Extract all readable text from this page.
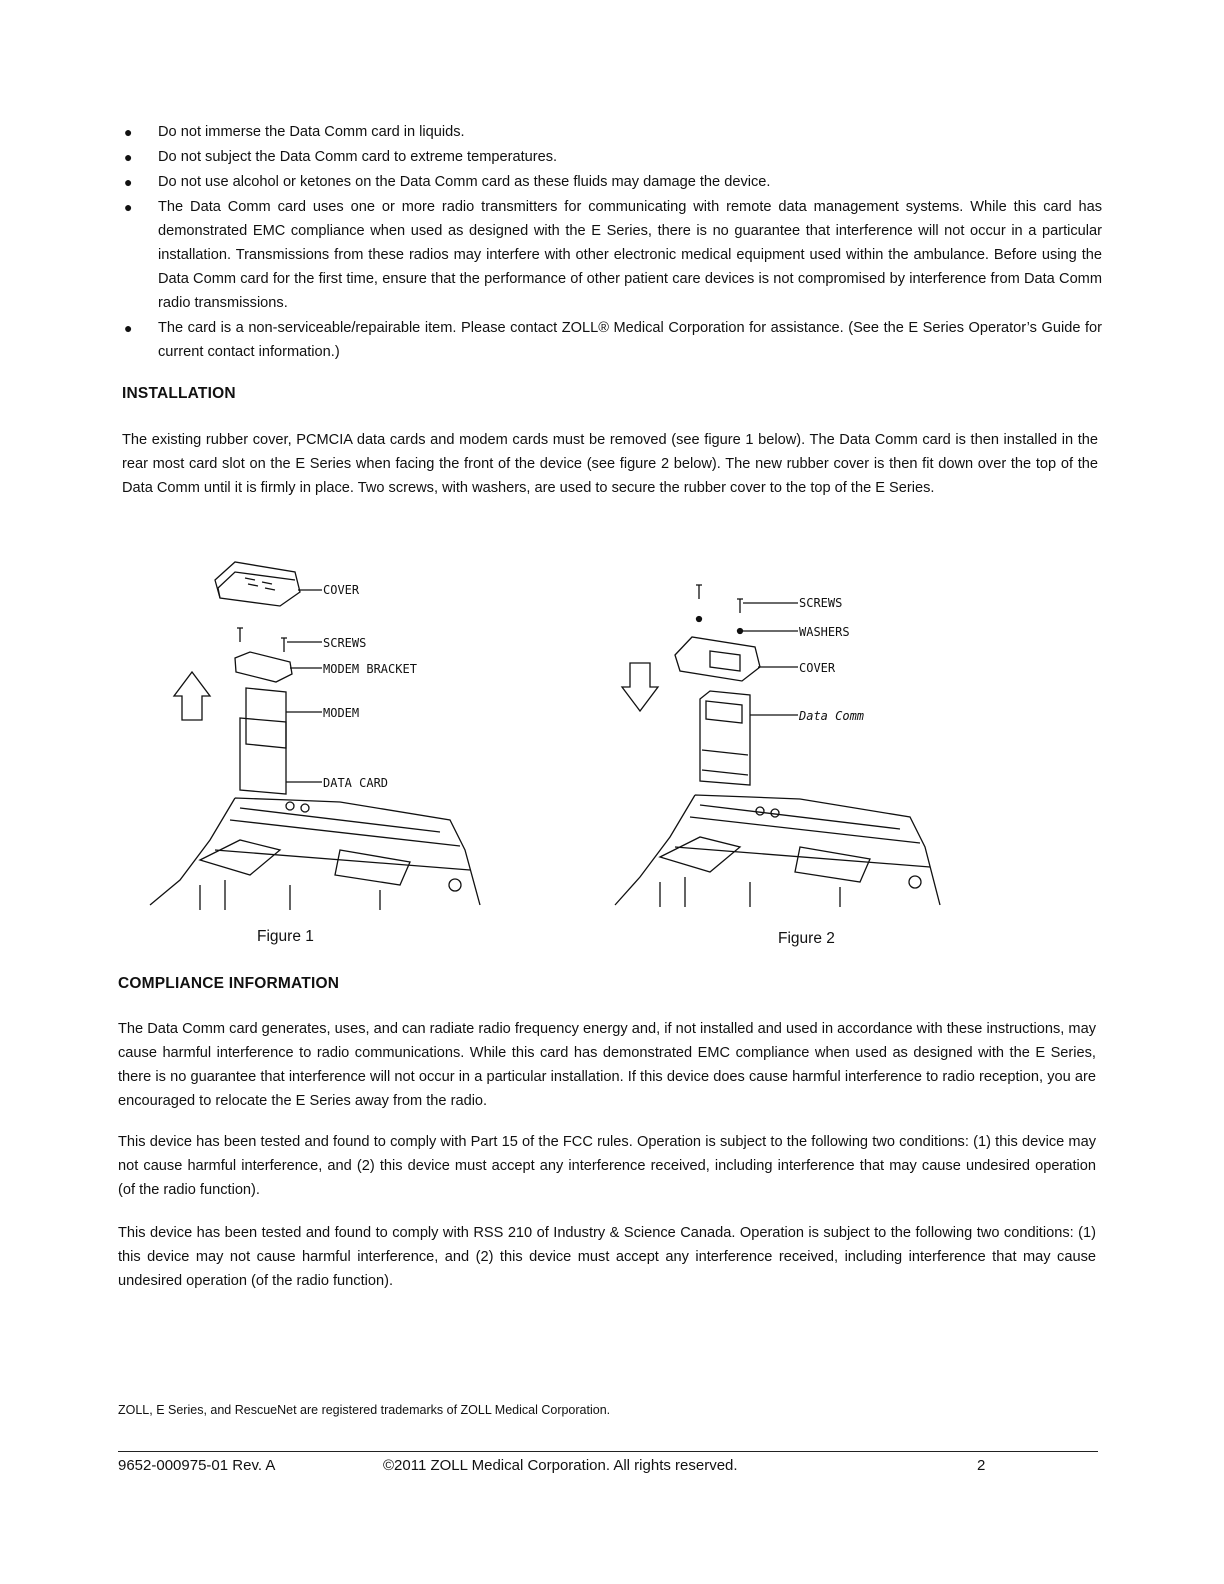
● Do not immerse the Data Comm card in liquids.
● Do not subject the Data Comm card to extreme temperatures.
● Do not use alcohol or ketones on the Data Comm card as these fluids may damage the device.
● The Data Comm card uses one or more radio transmitters for communicating with remote data management systems. While this card has demonstrated EMC compliance when used as designed with the E Series, there is no guarantee that interference will not occur in a particular installation. Transmissions from these radios may interfere with other electronic medical equipment used within the ambulance. Before using the Data Comm card for the first time, ensure that the performance of other patient care devices is not compromised by interference from Data Comm radio transmissions.
● The card is a non-serviceable/repairable item. Please contact ZOLL® Medical Corporation for assistance. (See the E Series Operator’s Guide for current contact information.)
INSTALLATION

The existing rubber cover, PCMCIA data cards and modem cards must be removed (see figure 1 below). The Data Comm card is then installed in the rear most card slot on the E Series when facing the front of the device (see figure 2 below). The new rubber cover is then fit down over the top of the Data Comm until it is firmly in place. Two screws, with washers, are used to secure the rubber cover to the top of the E Series.

COVER
SCREWS
MODEM BRACKET
MODEM
DATA CARD
Figure 1
SCREWS
WASHERS
COVER
Data Comm
Figure 2
COMPLIANCE INFORMATION

The Data Comm card generates, uses, and can radiate radio frequency energy and, if not installed and used in accordance with these instructions, may cause harmful interference to radio communications. While this card has demonstrated EMC compliance when used as designed with the E Series, there is no guarantee that interference will not occur in a particular installation. If this device does cause harmful interference to radio reception, you are encouraged to relocate the E Series away from the radio.

This device has been tested and found to comply with Part 15 of the FCC rules. Operation is subject to the following two conditions: (1) this device may not cause harmful interference, and (2) this device must accept any interference received, including interference that may cause undesired operation (of the radio function).

This device has been tested and found to comply with RSS 210 of Industry & Science Canada. Operation is subject to the following two conditions: (1) this device may not cause harmful interference, and (2) this device must accept any interference received, including interference that may cause undesired operation (of the radio function).

ZOLL, E Series, and RescueNet are registered trademarks of ZOLL Medical Corporation.
9652-000975-01 Rev. A	©2011 ZOLL Medical Corporation. All rights reserved.	2
